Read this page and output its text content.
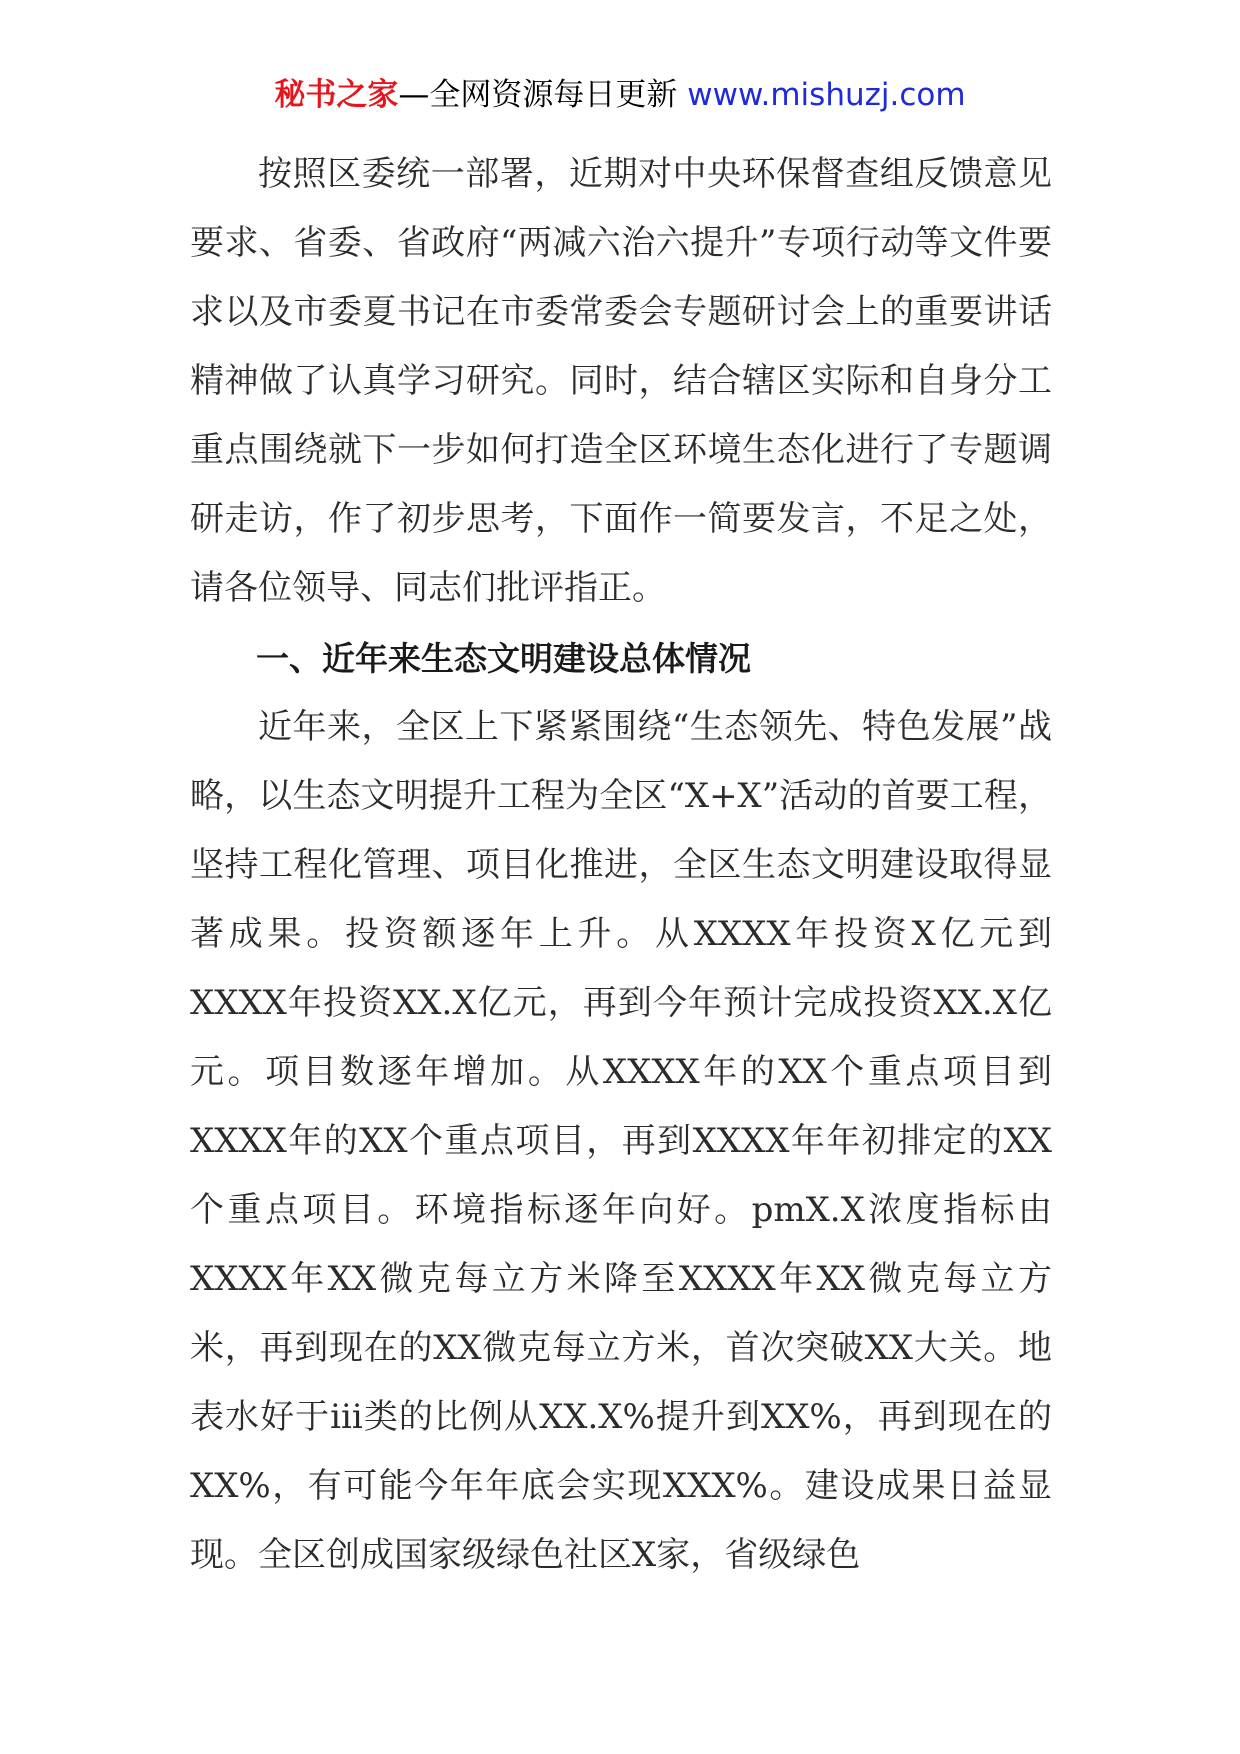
秘书之家—全网资源每日更新 www.mishuzj.com

按照区委统一部署，近期对中央环保督查组反馈意见要求、省委、省政府“两减六治六提升”专项行动等文件要求以及市委夏书记在市委常委会专题研讨会上的重要讲话精神做了认真学习研究。同时，结合辖区实际和自身分工重点围绕就下一步如何打造全区环境生态化进行了专题调研走访，作了初步思考，下面作一简要发言，不足之处，请各位领导、同志们批评指正。

一、近年来生态文明建设总体情况

近年来，全区上下紧紧围绕“生态领先、特色发展”战略，以生态文明提升工程为全区“X+X”活动的首要工程，坚持工程化管理、项目化推进，全区生态文明建设取得显著成果。投资额逐年上升。从XXXX年投资X亿元到XXXX年投资XX.X亿元，再到今年预计完成投资XX.X亿元。项目数逐年增加。从XXXX年的XX个重点项目到XXXX年的XX个重点项目，再到XXXX年年初排定的XX个重点项目。环境指标逐年向好。pmX.X浓度指标由XXXX年XX微克每立方米降至XXXX年XX微克每立方米，再到现在的XX微克每立方米，首次突破XX大关。地表水好于iii类的比例从XX.X%提升到XX%，再到现在的XX%，有可能今年年底会实现XXX%。建设成果日益显现。全区创成国家级绿色社区X家，省级绿色
